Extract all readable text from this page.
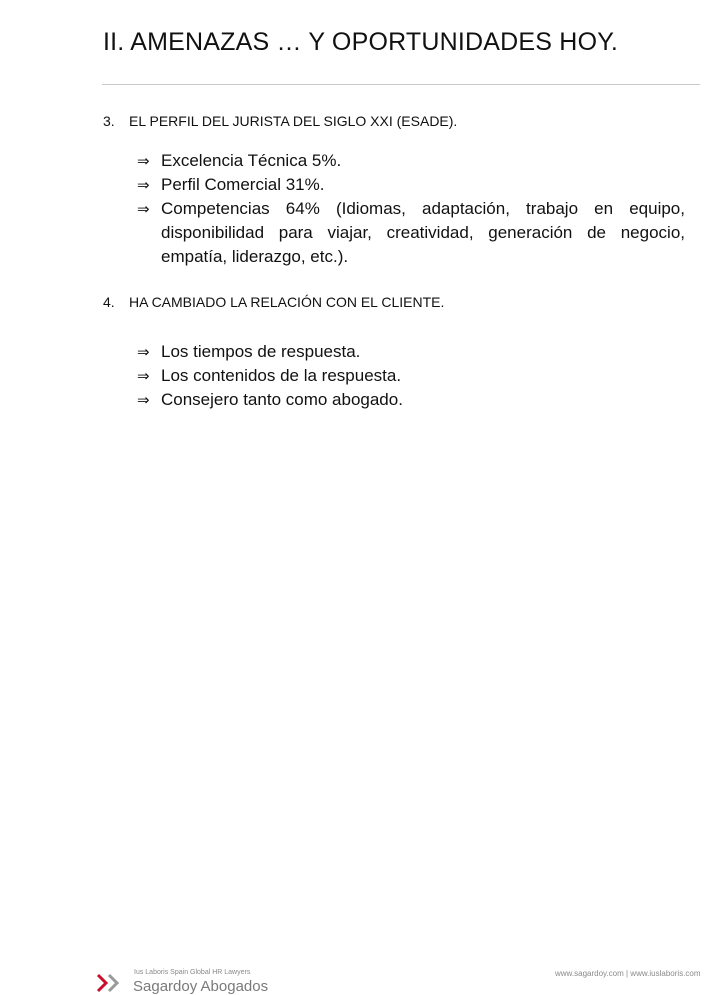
II. AMENAZAS … Y OPORTUNIDADES HOY.
3. EL PERFIL DEL JURISTA DEL SIGLO XXI (ESADE).
⇒ Excelencia Técnica 5%.
⇒ Perfil Comercial 31%.
⇒ Competencias 64% (Idiomas, adaptación, trabajo en equipo, disponibilidad para viajar, creatividad, generación de negocio, empatía, liderazgo, etc.).
4. HA CAMBIADO LA RELACIÓN CON EL CLIENTE.
⇒ Los tiempos de respuesta.
⇒ Los contenidos de la respuesta.
⇒ Consejero tanto como abogado.
Ius Laboris Spain Global HR Lawyers
Sagardoy Abogados
www.sagardoy.com | www.iuslaboris.com
